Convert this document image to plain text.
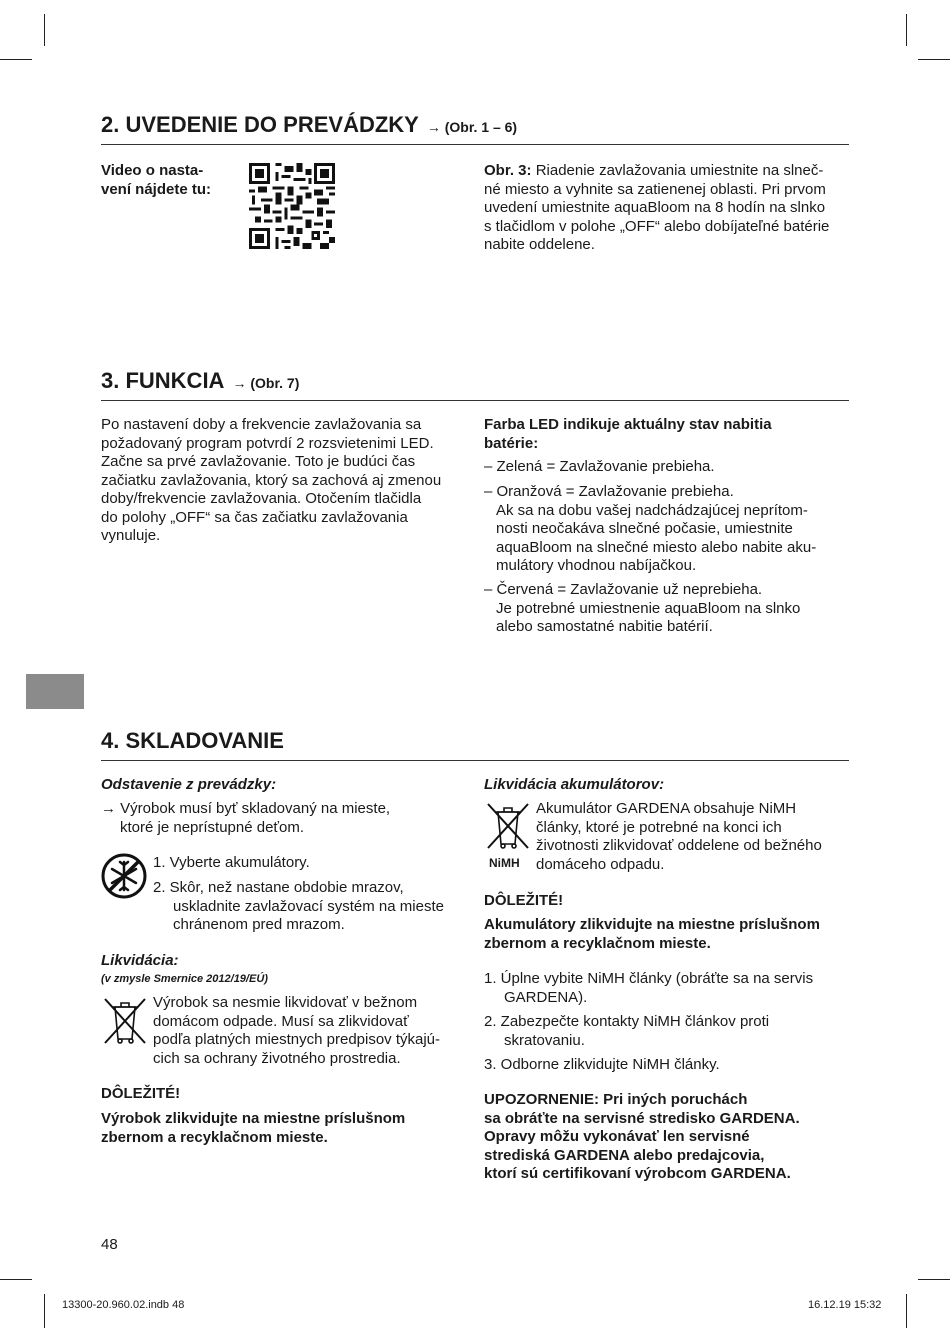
2. UVEDENIE DO PREVÁDZKY → (Obr. 1 – 6)
Video o nasta-
vení nájdete tu:
Obr. 3: Riadenie zavlažovania umiestnite na slneč-
né miesto a vyhnite sa zatienenej oblasti. Pri prvom
uvedení umiestnite aquaBloom na 8 hodín na slnko
s tlačidlom v polohe „OFF“ alebo dobíjateľné batérie
nabite oddelene.
3. FUNKCIA → (Obr. 7)
Po nastavení doby a frekvencie zavlažovania sa
požadovaný program potvrdí 2 rozsvietenimi LED.
Začne sa prvé zavlažovanie. Toto je budúci čas
začiatku zavlažovania, ktorý sa zachová aj zmenou
doby/frekvencie zavlažovania. Otočením tlačidla
do polohy „OFF“ sa čas začiatku zavlažovania
vynuluje.
Farba LED indikuje aktuálny stav nabitia
batérie:
– Zelená = Zavlažovanie prebieha.
– Oranžová = Zavlažovanie prebieha.
Ak sa na dobu vašej nadchádzajúcej neprítom-
nosti neočakáva slnečné počasie, umiestnite
aquaBloom na slnečné miesto alebo nabite aku-
mulátory vhodnou nabíjačkou.
– Červená = Zavlažovanie už neprebieha.
Je potrebné umiestnenie aquaBloom na slnko
alebo samostatné nabitie batérií.
4. SKLADOVANIE
Odstavenie z prevádzky:
→ Výrobok musí byť skladovaný na mieste,
ktoré je neprístupné deťom.
1. Vyberte akumulátory.
2. Skôr, než nastane obdobie mrazov,
uskladnite zavlažovací systém na mieste
chránenom pred mrazom.
Likvidácia:
(v zmysle Smernice 2012/19/EÚ)
Výrobok sa nesmie likvidovať v bežnom
domácom odpade. Musí sa zlikvidovať
podľa platných miestnych predpisov týkajú-
cich sa ochrany životného prostredia.
DÔLEŽITÉ!
Výrobok zlikvidujte na miestne príslušnom
zbernom a recyklačnom mieste.
Likvidácia akumulátorov:
NiMH
Akumulátor GARDENA obsahuje NiMH
články, ktoré je potrebné na konci ich
životnosti zlikvidovať oddelene od bežného
domáceho odpadu.
DÔLEŽITÉ!
Akumulátory zlikvidujte na miestne príslušnom
zbernom a recyklačnom mieste.
1. Úplne vybite NiMH články (obráťte sa na servis
GARDENA).
2. Zabezpečte kontakty NiMH článkov proti
skratovaniu.
3. Odborne zlikvidujte NiMH články.
UPOZORNENIE: Pri iných poruchách
sa obráťte na servisné stredisko GARDENA.
Opravy môžu vykonávať len servisné
strediská GARDENA alebo predajcovia,
ktorí sú certifikovaní výrobcom GARDENA.
48
13300-20.960.02.indb 48	16.12.19 15:32
